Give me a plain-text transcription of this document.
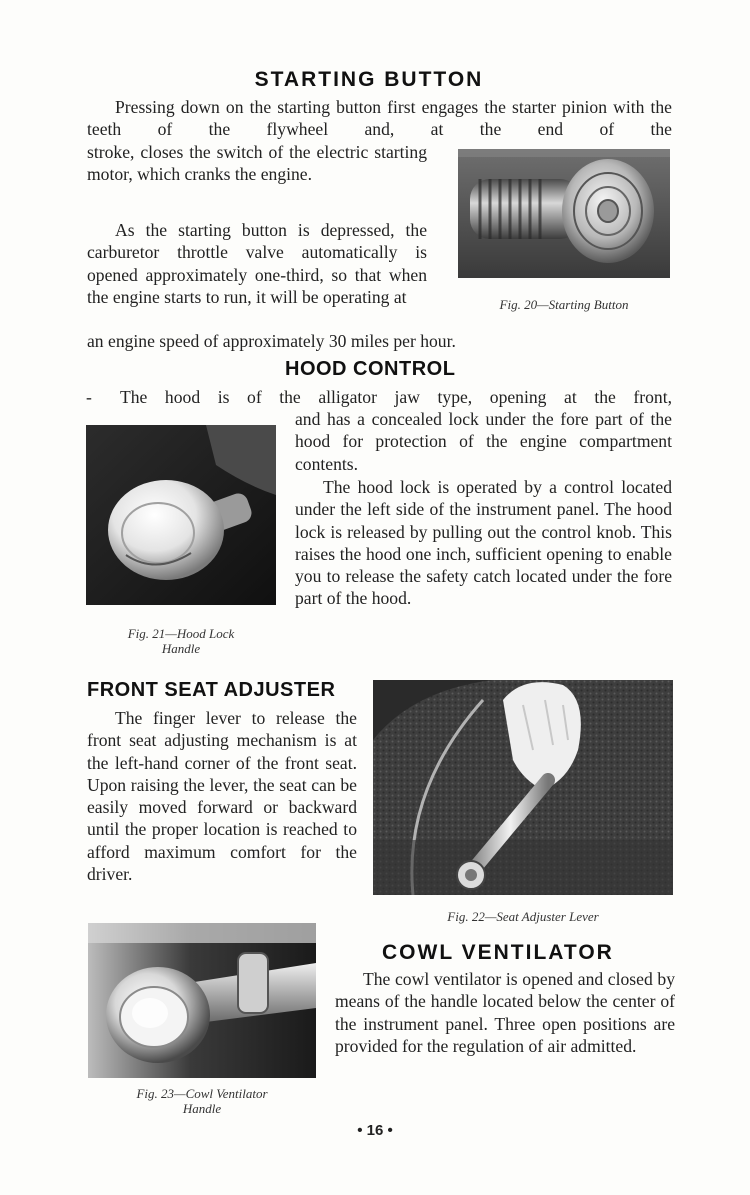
STARTING BUTTON

Pressing down on the starting button first engages the starter pinion with the teeth of the flywheel and, at the end of the

stroke, closes the switch of the electric starting motor, which cranks the engine.

As the starting button is depressed, the carburetor throttle valve automatically is opened approximately one-third, so that when the engine starts to run, it will be operating at

an engine speed of approximately 30 miles per hour.

Fig. 20—Starting Button
HOOD CONTROL
-	The hood is of the alligator jaw type, opening at the front,

and has a concealed lock under the fore part of the hood for protection of the engine compartment contents.

The hood lock is operated by a control located under the left side of the instrument panel. The hood lock is released by pulling out the control knob. This raises the hood one inch, sufficient opening to enable you to release the safety catch located under the fore part of the hood.

Fig. 21—Hood Lock
Handle
FRONT SEAT ADJUSTER

The finger lever to release the front seat adjusting mechanism is at the left-hand corner of the front seat. Upon raising the lever, the seat can be easily moved forward or backward until the proper location is reached to afford maximum comfort for the driver.

Fig. 22—Seat Adjuster Lever
COWL VENTILATOR

The cowl ventilator is opened and closed by means of the handle located below the center of the instrument panel. Three open positions are provided for the regulation of air admitted.

Fig. 23—Cowl Ventilator
Handle
• 16 •
